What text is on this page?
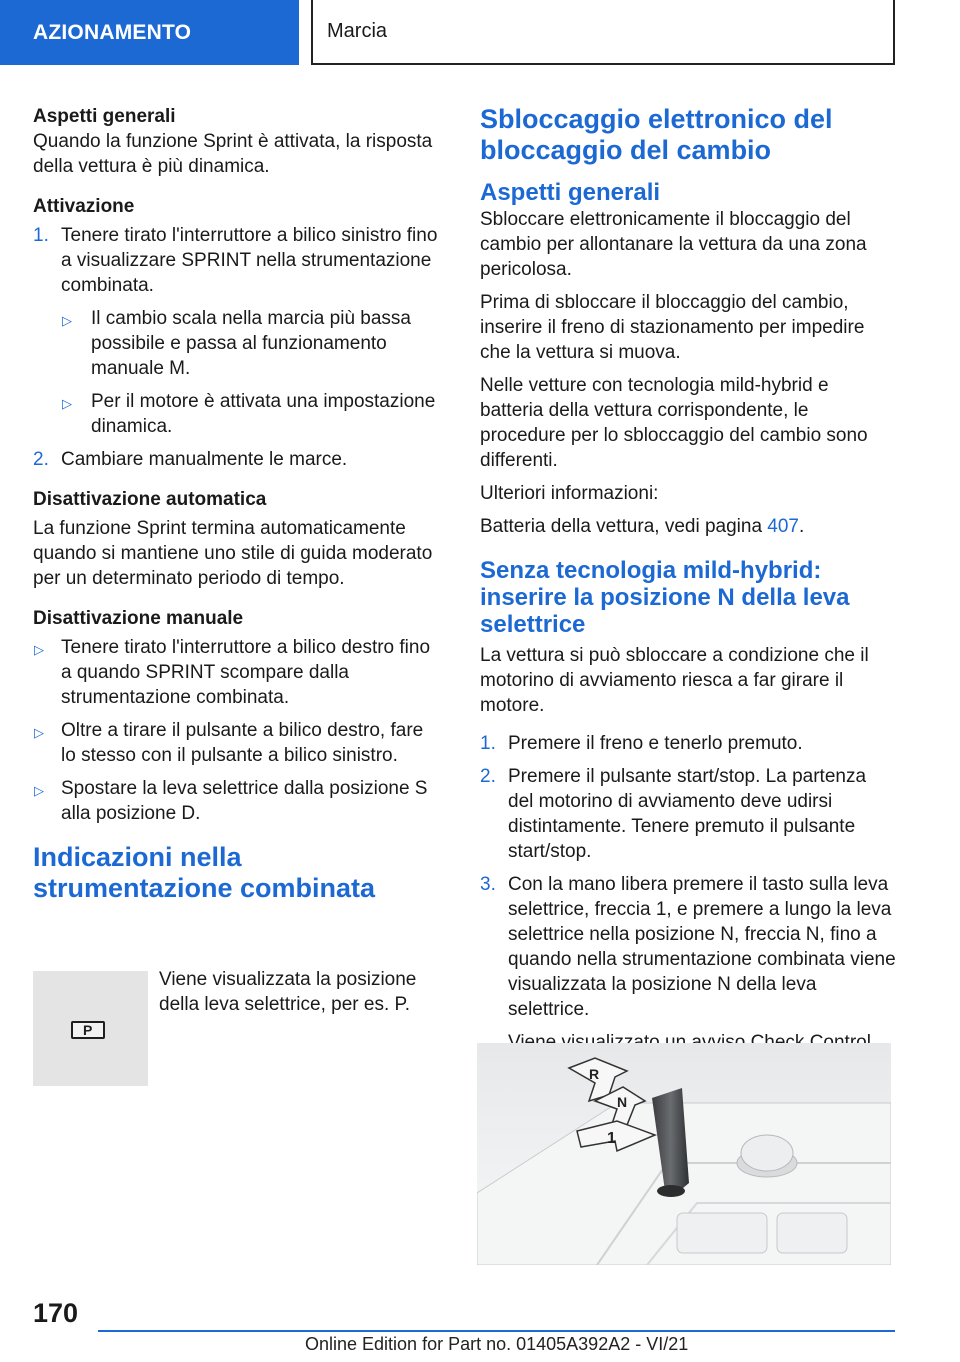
AZIONAMENTO	Marcia
Aspetti generali

Quando la funzione Sprint è attivata, la risposta della vettura è più dinamica.

Attivazione
1. Tenere tirato l'interruttore a bilico sinistro fino a visualizzare SPRINT nella strumentazione combinata.
▷ Il cambio scala nella marcia più bassa possibile e passa al funzionamento manuale M.
▷ Per il motore è attivata una impostazione dinamica.
2. Cambiare manualmente le marce.
Disattivazione automatica

La funzione Sprint termina automaticamente quando si mantiene uno stile di guida moderato per un determinato periodo di tempo.

Disattivazione manuale
▷ Tenere tirato l'interruttore a bilico destro fino a quando SPRINT scompare dalla strumentazione combinata.
▷ Oltre a tirare il pulsante a bilico destro, fare lo stesso con il pulsante a bilico sinistro.
▷ Spostare la leva selettrice dalla posizione S alla posizione D.
Indicazioni nella strumentazione combinata
P

Viene visualizzata la posizione della leva selettrice, per es. P.

Sbloccaggio elettronico del bloccaggio del cambio
Aspetti generali

Sbloccare elettronicamente il bloccaggio del cambio per allontanare la vettura da una zona pericolosa.

Prima di sbloccare il bloccaggio del cambio, inserire il freno di stazionamento per impedire che la vettura si muova.

Nelle vetture con tecnologia mild-hybrid e batteria della vettura corrispondente, le procedure per lo sbloccaggio del cambio sono differenti.

Ulteriori informazioni:

Batteria della vettura, vedi pagina 407.

Senza tecnologia mild-hybrid: inserire la posizione N della leva selettrice

La vettura si può sbloccare a condizione che il motorino di avviamento riesca a far girare il motore.

1. Premere il freno e tenerlo premuto.
2. Premere il pulsante start/stop. La partenza del motorino di avviamento deve udirsi distintamente. Tenere premuto il pulsante start/stop.
3. Con la mano libera premere il tasto sulla leva selettrice, freccia 1, e premere a lungo la leva selettrice nella posizione N, freccia N, fino a quando nella strumentazione combinata viene visualizzata la posizione N della leva selettrice.

R
N
1
170
Online Edition for Part no. 01405A392A2 - VI/21
